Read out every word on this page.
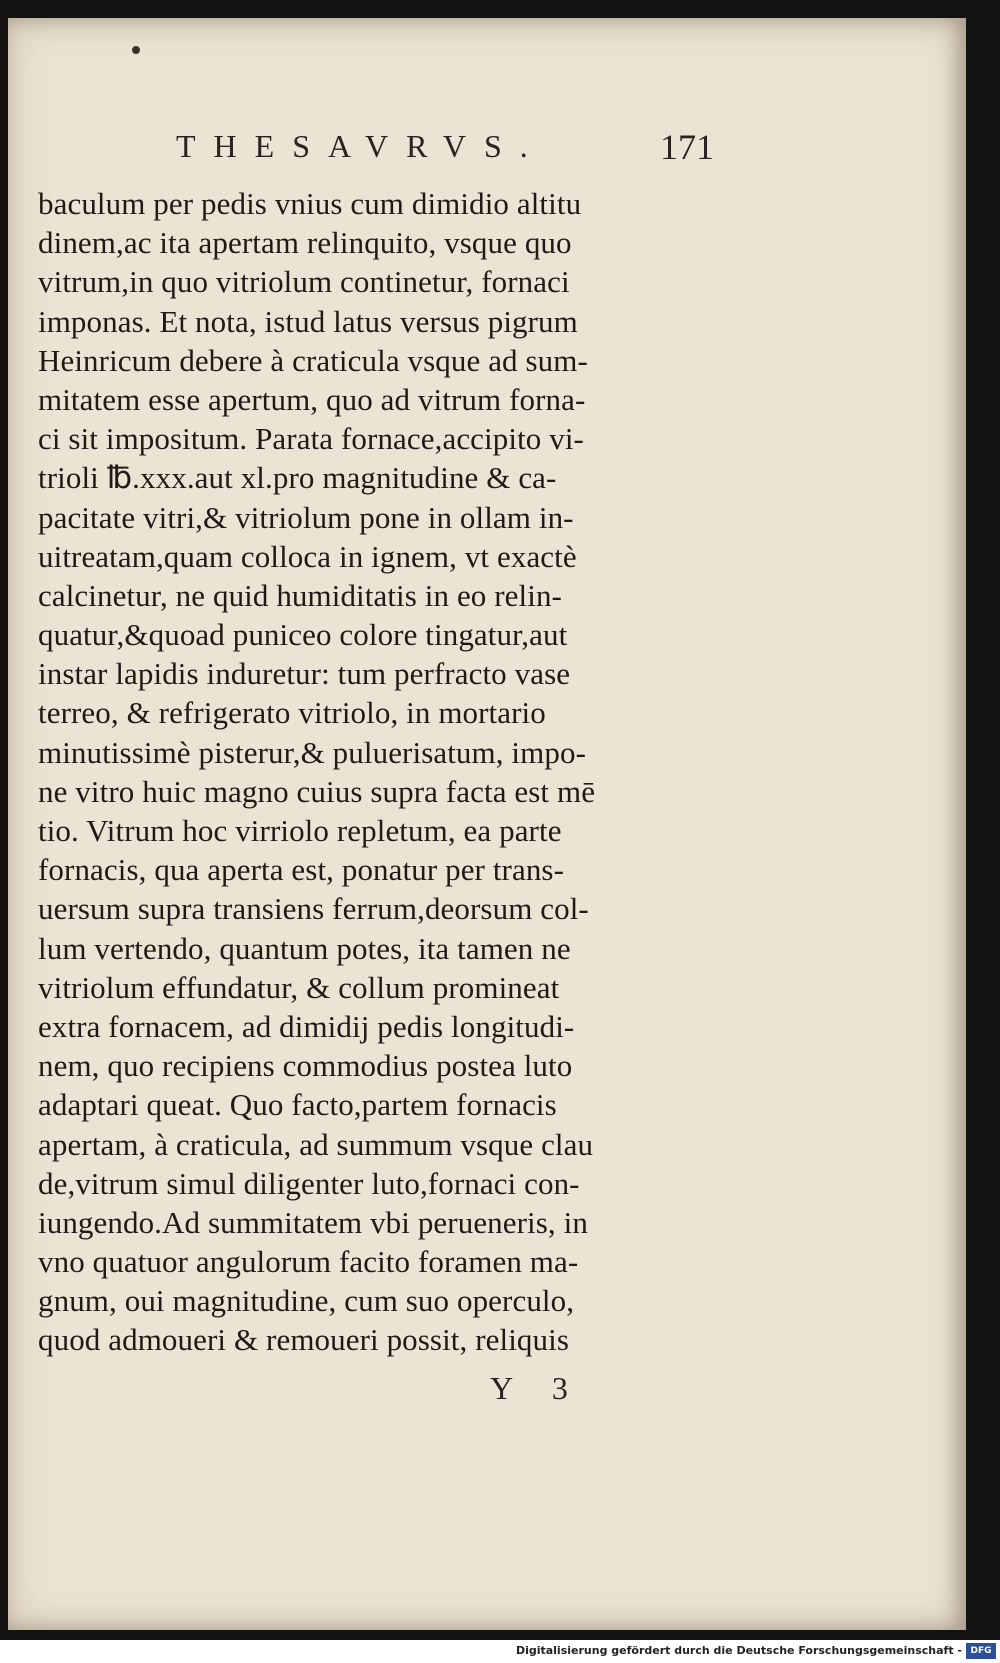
THESAVRVS.	171
baculum per pedis vnius cum dimidio altitu
dinem,ac ita apertam relinquito, vsque quo
vitrum,in quo vitriolum continetur, fornaci
imponas. Et nota, istud latus versus pigrum
Heinricum debere à craticula vsque ad sum-
mitatem esse apertum, quo ad vitrum forna-
ci sit impositum. Parata fornace,accipito vi-
trioli ℔.xxx.aut xl.pro magnitudine & ca-
pacitate vitri,& vitriolum pone in ollam in-
uitreatam,quam colloca in ignem, vt exactè
calcinetur, ne quid humiditatis in eo relin-
quatur,&quoad puniceo colore tingatur,aut
instar lapidis induretur: tum perfracto vase
terreo, & refrigerato vitriolo, in mortario
minutissimè pisterur,& puluerisatum, impo-
ne vitro huic magno cuius supra facta est mē
tio. Vitrum hoc virriolo repletum, ea parte
fornacis, qua aperta est, ponatur per trans-
uersum supra transiens ferrum,deorsum col-
lum vertendo, quantum potes, ita tamen ne
vitriolum effundatur, & collum promineat
extra fornacem, ad dimidij pedis longitudi-
nem, quo recipiens commodius postea luto
adaptari queat. Quo facto,partem fornacis
apertam, à craticula, ad summum vsque clau
de,vitrum simul diligenter luto,fornaci con-
iungendo.Ad summitatem vbi perueneris, in
vno quatuor angulorum facito foramen ma-
gnum, oui magnitudine, cum suo operculo,
quod admoueri & remoueri possit, reliquis
Y 3
Digitalisierung gefördert durch die Deutsche Forschungsgemeinschaft - DFG
